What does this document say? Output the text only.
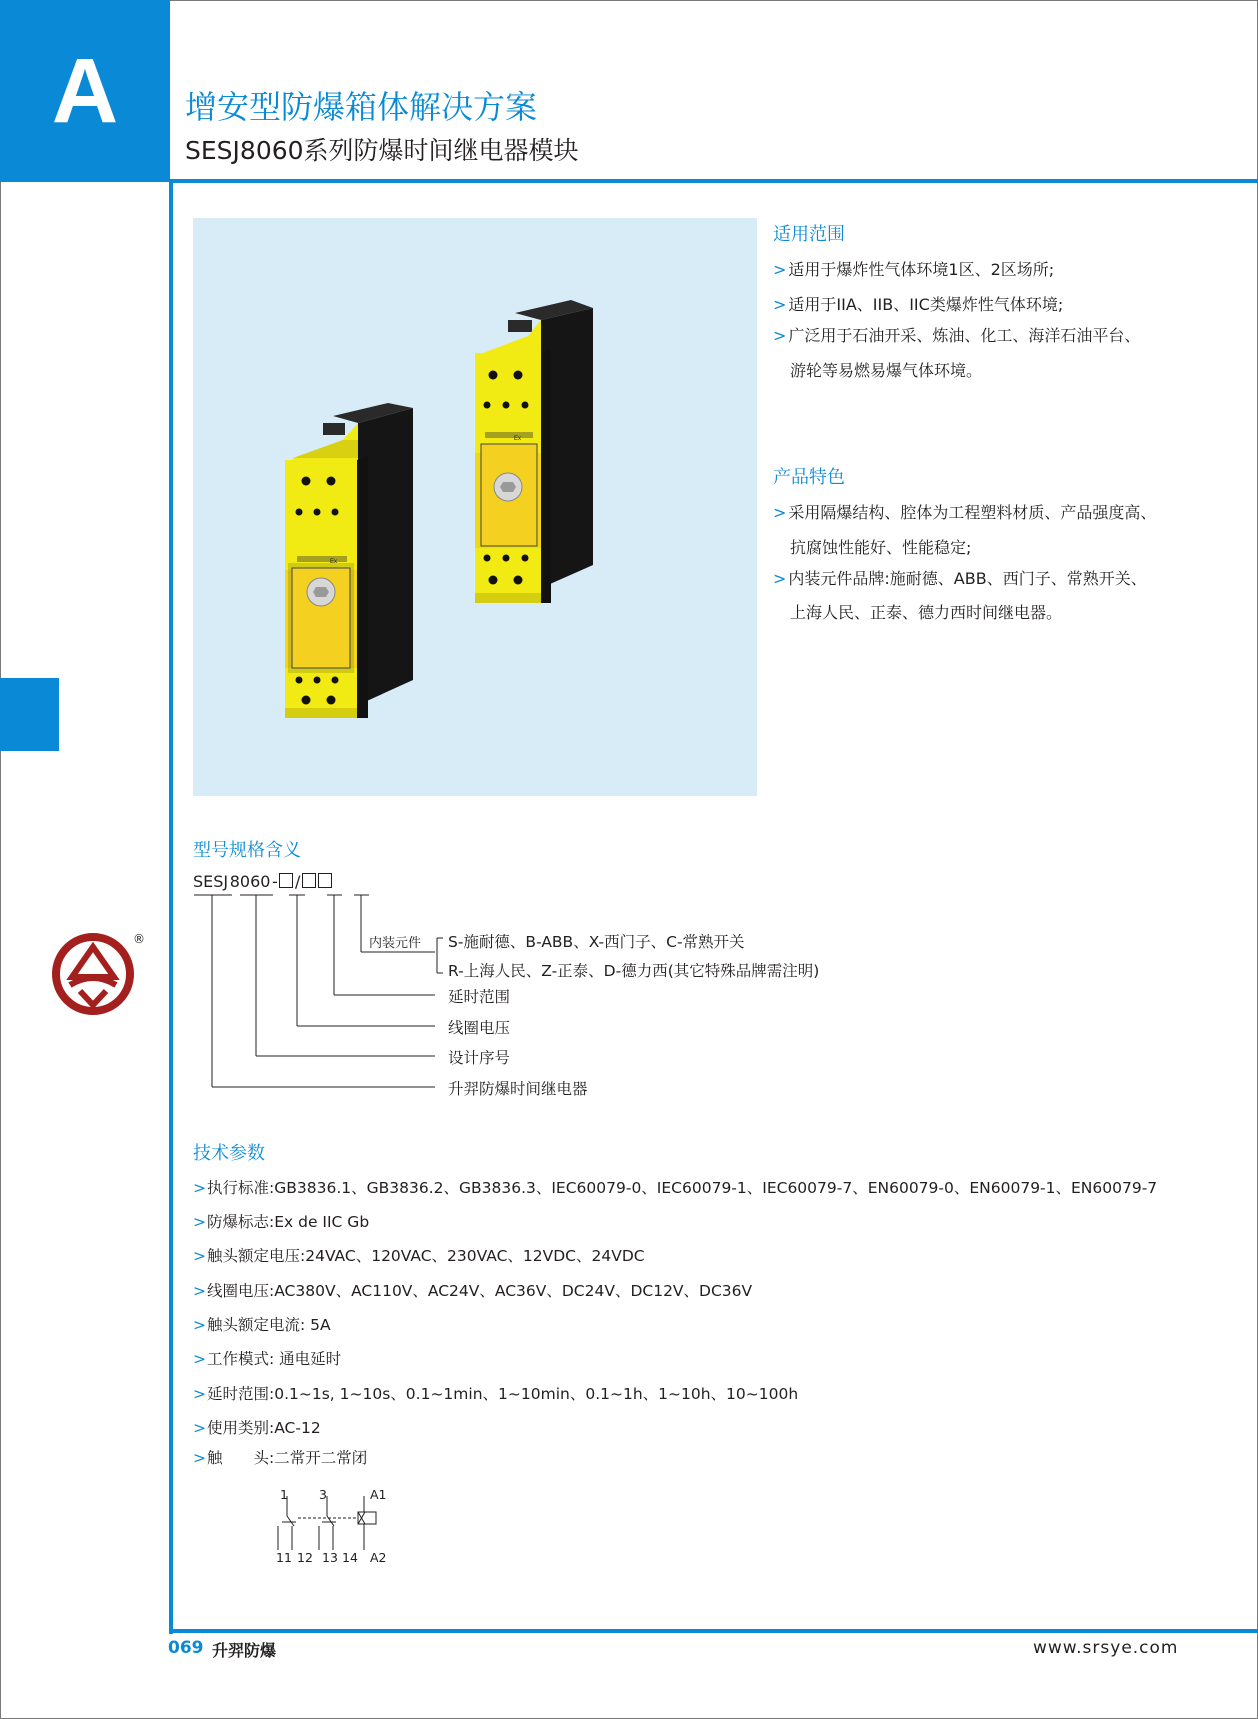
A	增安型防爆箱体解决方案
SESJ8060系列防爆时间继电器模块
Ex
Ex
适用范围
> 适用于爆炸性气体环境1区、2区场所;
> 适用于IIA、IIB、IIC类爆炸性气体环境;
> 广泛用于石油开采、炼油、化工、海洋石油平台、
游轮等易燃易爆气体环境。
产品特色
> 采用隔爆结构、腔体为工程塑料材质、产品强度高、
抗腐蚀性能好、性能稳定;
> 内装元件品牌:施耐德、ABB、西门子、常熟开关、
上海人民、正泰、德力西时间继电器。
型号规格含义
SESJ 8060 -   /  
内装元件 S-施耐德、B-ABB、X-西门子、C-常熟开关
R-上海人民、Z-正泰、D-德力西(其它特殊品牌需注明)
延时范围
线圈电压
设计序号
升羿防爆时间继电器
技术参数
>执行标准:GB3836.1、GB3836.2、GB3836.3、IEC60079-0、IEC60079-1、IEC60079-7、EN60079-0、EN60079-1、EN60079-7
>防爆标志:Ex de IIC Gb
>触头额定电压:24VAC、120VAC、230VAC、12VDC、24VDC
>线圈电压:AC380V、AC110V、AC24V、AC36V、DC24V、DC12V、DC36V
>触头额定电流: 5A
>工作模式: 通电延时
>延时范围:0.1~1s, 1~10s、0.1~1min、1~10min、0.1~1h、1~10h、10~100h
>使用类别:AC-12
>触　　头:二常开二常闭
1 3	A1
11 12 13 14 A2
®
069 升羿防爆	www.srsye.com
